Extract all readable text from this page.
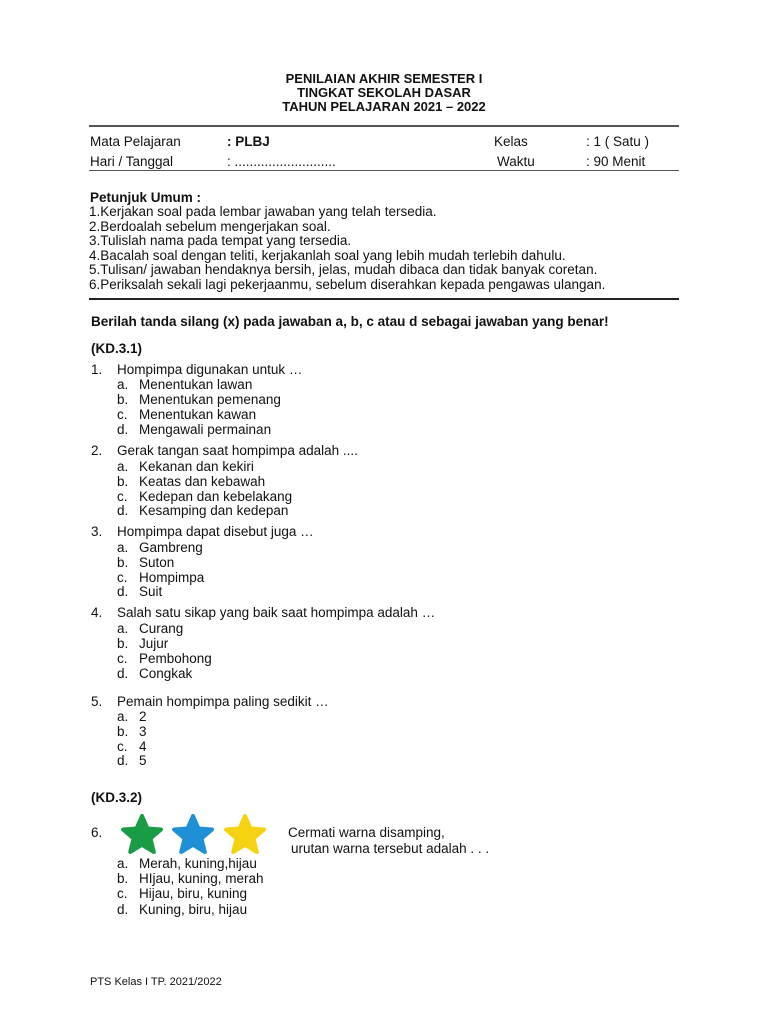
PENILAIAN AKHIR SEMESTER I
TINGKAT SEKOLAH DASAR
TAHUN PELAJARAN 2021 – 2022
Mata Pelajaran	: PLBJ	Kelas	: 1 ( Satu )
Hari / Tanggal	: ...........................	Waktu	: 90 Menit
Petunjuk Umum :
1.Kerjakan soal pada lembar jawaban yang telah tersedia.
2.Berdoalah sebelum mengerjakan soal.
3.Tulislah nama pada tempat yang tersedia.
4.Bacalah soal dengan teliti, kerjakanlah soal yang lebih mudah terlebih dahulu.
5.Tulisan/ jawaban hendaknya bersih, jelas, mudah dibaca dan tidak banyak coretan.
6.Periksalah sekali lagi pekerjaanmu, sebelum diserahkan kepada pengawas ulangan.
Berilah tanda silang (x) pada jawaban a, b, c atau d sebagai jawaban yang benar!
(KD.3.1)
1. Hompimpa digunakan untuk …
a. Menentukan lawan
b. Menentukan pemenang
c. Menentukan kawan
d. Mengawali permainan
2. Gerak tangan saat hompimpa adalah ....
a. Kekanan dan kekiri
b. Keatas dan kebawah
c. Kedepan dan kebelakang
d. Kesamping dan kedepan
3. Hompimpa dapat disebut juga …
a. Gambreng
b. Suton
c. Hompimpa
d. Suit
4. Salah satu sikap yang baik saat hompimpa adalah …
a. Curang
b. Jujur
c. Pembohong
d. Congkak
5. Pemain hompimpa paling sedikit …
a. 2
b. 3
c. 4
d. 5
(KD.3.2)
6.	Cermati warna disamping,
urutan warna tersebut adalah . . .
a. Merah, kuning,hijau
b. HIjau, kuning, merah
c. Hijau, biru, kuning
d. Kuning, biru, hijau
PTS Kelas I TP. 2021/2022
